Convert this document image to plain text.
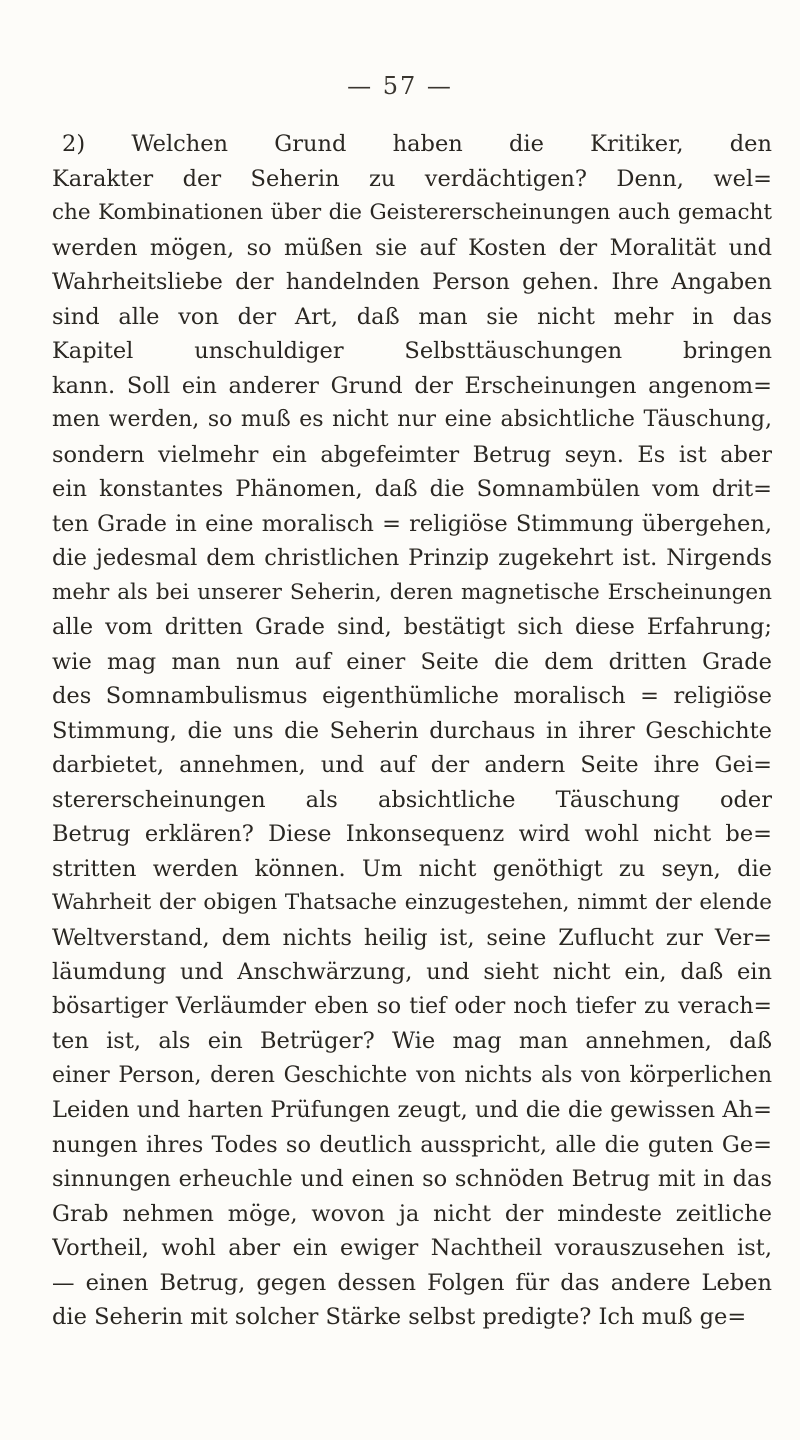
— 57 —
2) Welchen Grund haben die Kritiker, den
Karakter der Seherin zu verdächtigen? Denn, wel=
che Kombinationen über die Geistererscheinungen auch gemacht
werden mögen, so müßen sie auf Kosten der Moralität und
Wahrheitsliebe der handelnden Person gehen. Ihre Angaben
sind alle von der Art, daß man sie nicht mehr in das
Kapitel unschuldiger Selbsttäuschungen bringen
kann. Soll ein anderer Grund der Erscheinungen angenom=
men werden, so muß es nicht nur eine absichtliche Täuschung,
sondern vielmehr ein abgefeimter Betrug seyn. Es ist aber
ein konstantes Phänomen, daß die Somnambülen vom drit=
ten Grade in eine moralisch = religiöse Stimmung übergehen,
die jedesmal dem christlichen Prinzip zugekehrt ist. Nirgends
mehr als bei unserer Seherin, deren magnetische Erscheinungen
alle vom dritten Grade sind, bestätigt sich diese Erfahrung;
wie mag man nun auf einer Seite die dem dritten Grade
des Somnambulismus eigenthümliche moralisch = religiöse
Stimmung, die uns die Seherin durchaus in ihrer Geschichte
darbietet, annehmen, und auf der andern Seite ihre Gei=
stererscheinungen als absichtliche Täuschung oder
Betrug erklären? Diese Inkonsequenz wird wohl nicht be=
stritten werden können. Um nicht genöthigt zu seyn, die
Wahrheit der obigen Thatsache einzugestehen, nimmt der elende
Weltverstand, dem nichts heilig ist, seine Zuflucht zur Ver=
läumdung und Anschwärzung, und sieht nicht ein, daß ein
bösartiger Verläumder eben so tief oder noch tiefer zu verach=
ten ist, als ein Betrüger? Wie mag man annehmen, daß
einer Person, deren Geschichte von nichts als von körperlichen
Leiden und harten Prüfungen zeugt, und die die gewissen Ah=
nungen ihres Todes so deutlich ausspricht, alle die guten Ge=
sinnungen erheuchle und einen so schnöden Betrug mit in das
Grab nehmen möge, wovon ja nicht der mindeste zeitliche
Vortheil, wohl aber ein ewiger Nachtheil vorauszusehen ist,
— einen Betrug, gegen dessen Folgen für das andere Leben
die Seherin mit solcher Stärke selbst predigte? Ich muß ge=
